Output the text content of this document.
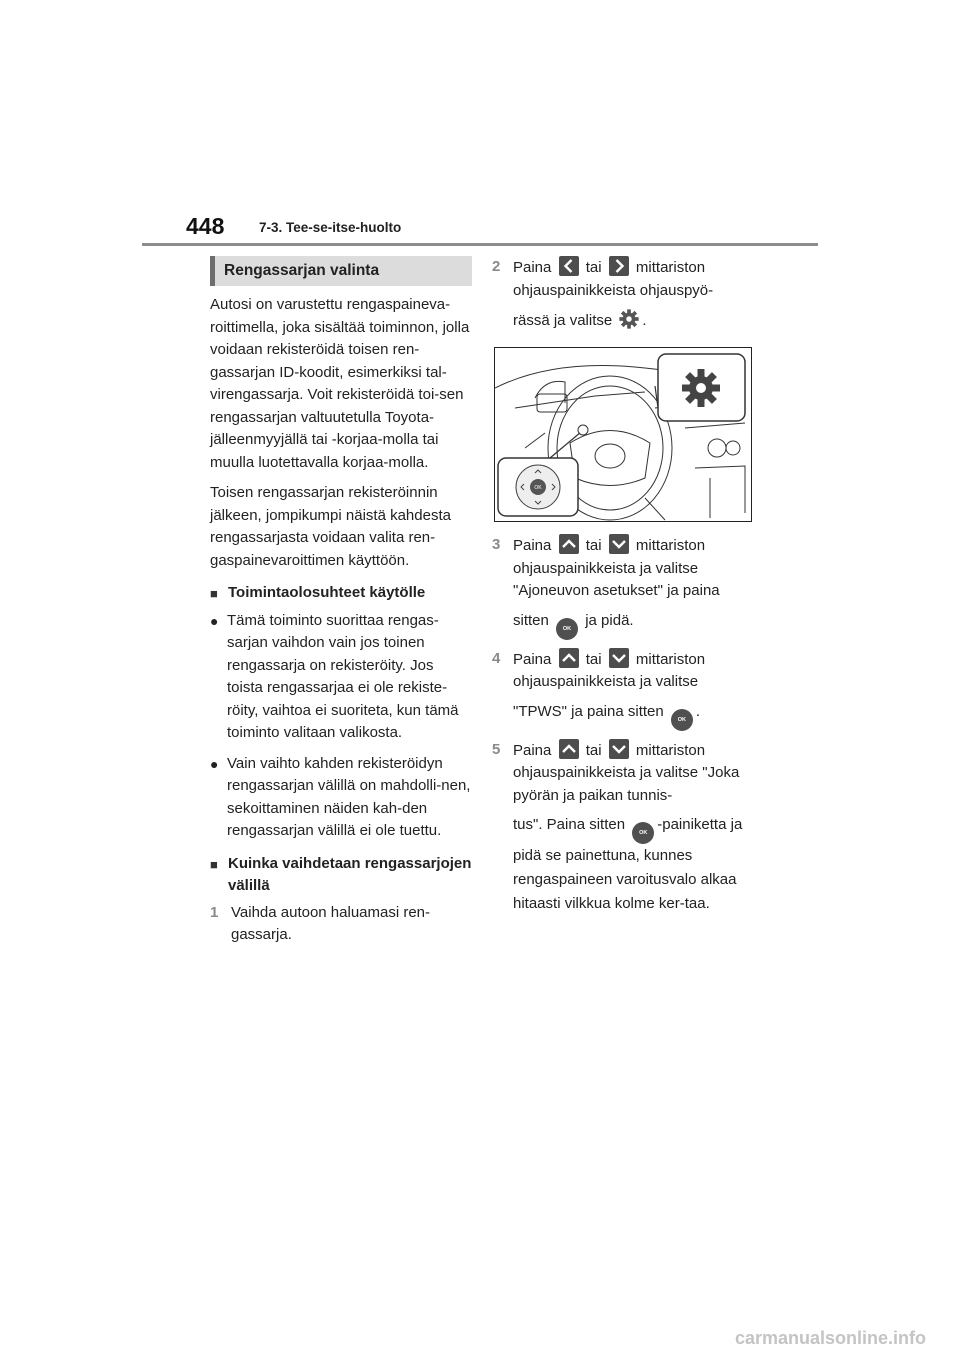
448	7-3. Tee-se-itse-huolto
Rengassarjan valinta

Autosi on varustettu rengaspaineva-roittimella, joka sisältää toiminnon, jolla voidaan rekisteröidä toisen ren-gassarjan ID-koodit, esimerkiksi tal-virengassarja. Voit rekisteröidä toi-sen rengassarjan valtuutetulla Toyota-jälleenmyyjällä tai -korjaa-molla tai muulla luotettavalla korjaa-molla.

Toisen rengassarjan rekisteröinnin jälkeen, jompikumpi näistä kahdesta rengassarjasta voidaan valita ren-gaspainevaroittimen käyttöön.

■ Toimintaolosuhteet käytölle
● Tämä toiminto suorittaa rengas-sarjan vaihdon vain jos toinen rengassarja on rekisteröity. Jos toista rengassarjaa ei ole rekiste-röity, vaihtoa ei suoriteta, kun tämä toiminto valitaan valikosta.
● Vain vaihto kahden rekisteröidyn rengassarjan välillä on mahdolli-nen, sekoittaminen näiden kah-den rengassarjan välillä ei ole tuettu.
■ Kuinka vaihdetaan rengassarjojen välillä
1 Vaihda autoon haluamasi ren-gassarja.
2 Paina tai mittariston ohjauspainikkeista ohjauspyö-
rässä ja valitse .
OK
3 Paina tai mittariston ohjauspainikkeista ja valitse "Ajoneuvon asetukset" ja paina
sitten	OK ja pidä.
4 Paina tai mittariston ohjauspainikkeista ja valitse
"TPWS" ja paina sitten	OK .
5 Paina tai mittariston ohjauspainikkeista ja valitse "Joka pyörän ja paikan tunnis-
tus". Paina sitten	OK -painiketta ja pidä se painettuna, kunnes rengaspaineen varoitusvalo alkaa hitaasti vilkkua kolme ker-taa.
carmanualsonline.info
